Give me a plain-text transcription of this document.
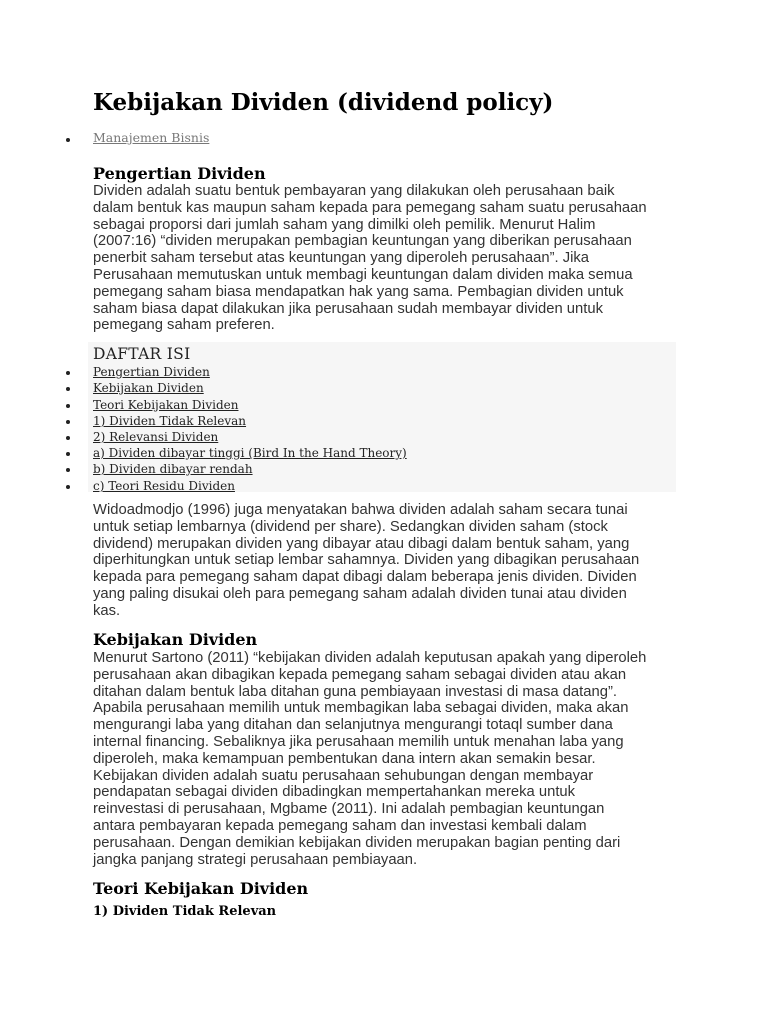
Kebijakan Dividen (dividend policy)
Manajemen Bisnis
Pengertian Dividen
Dividen adalah suatu bentuk pembayaran yang dilakukan oleh perusahaan baik
dalam bentuk kas maupun saham kepada para pemegang saham suatu perusahaan
sebagai proporsi dari jumlah saham yang dimilki oleh pemilik. Menurut Halim
(2007:16) “dividen merupakan pembagian keuntungan yang diberikan perusahaan
penerbit saham tersebut atas keuntungan yang diperoleh perusahaan”. Jika
Perusahaan memutuskan untuk membagi keuntungan dalam dividen maka semua
pemegang saham biasa mendapatkan hak yang sama. Pembagian dividen untuk
saham biasa dapat dilakukan jika perusahaan sudah membayar dividen untuk
pemegang saham preferen.
DAFTAR ISI
Pengertian Dividen
Kebijakan Dividen
Teori Kebijakan Dividen
1) Dividen Tidak Relevan
2) Relevansi Dividen
a) Dividen dibayar tinggi (Bird In the Hand Theory)
b) Dividen dibayar rendah
c) Teori Residu Dividen
Widoadmodjo (1996) juga menyatakan bahwa dividen adalah saham secara tunai
untuk setiap lembarnya (dividend per share). Sedangkan dividen saham (stock
dividend) merupakan dividen yang dibayar atau dibagi dalam bentuk saham, yang
diperhitungkan untuk setiap lembar sahamnya. Dividen yang dibagikan perusahaan
kepada para pemegang saham dapat dibagi dalam beberapa jenis dividen. Dividen
yang paling disukai oleh para pemegang saham adalah dividen tunai atau dividen
kas.
Kebijakan Dividen
Menurut Sartono (2011) “kebijakan dividen adalah keputusan apakah yang diperoleh
perusahaan akan dibagikan kepada pemegang saham sebagai dividen atau akan
ditahan dalam bentuk laba ditahan guna pembiayaan investasi di masa datang”.
Apabila perusahaan memilih untuk membagikan laba sebagai dividen, maka akan
mengurangi laba yang ditahan dan selanjutnya mengurangi totaql sumber dana
internal financing. Sebaliknya jika perusahaan memilih untuk menahan laba yang
diperoleh, maka kemampuan pembentukan dana intern akan semakin besar.
Kebijakan dividen adalah suatu perusahaan sehubungan dengan membayar
pendapatan sebagai dividen dibadingkan mempertahankan mereka untuk
reinvestasi di perusahaan, Mgbame (2011). Ini adalah pembagian keuntungan
antara pembayaran kepada pemegang saham dan investasi kembali dalam
perusahaan. Dengan demikian kebijakan dividen merupakan bagian penting dari
jangka panjang strategi perusahaan pembiayaan.
Teori Kebijakan Dividen
1) Dividen Tidak Relevan
